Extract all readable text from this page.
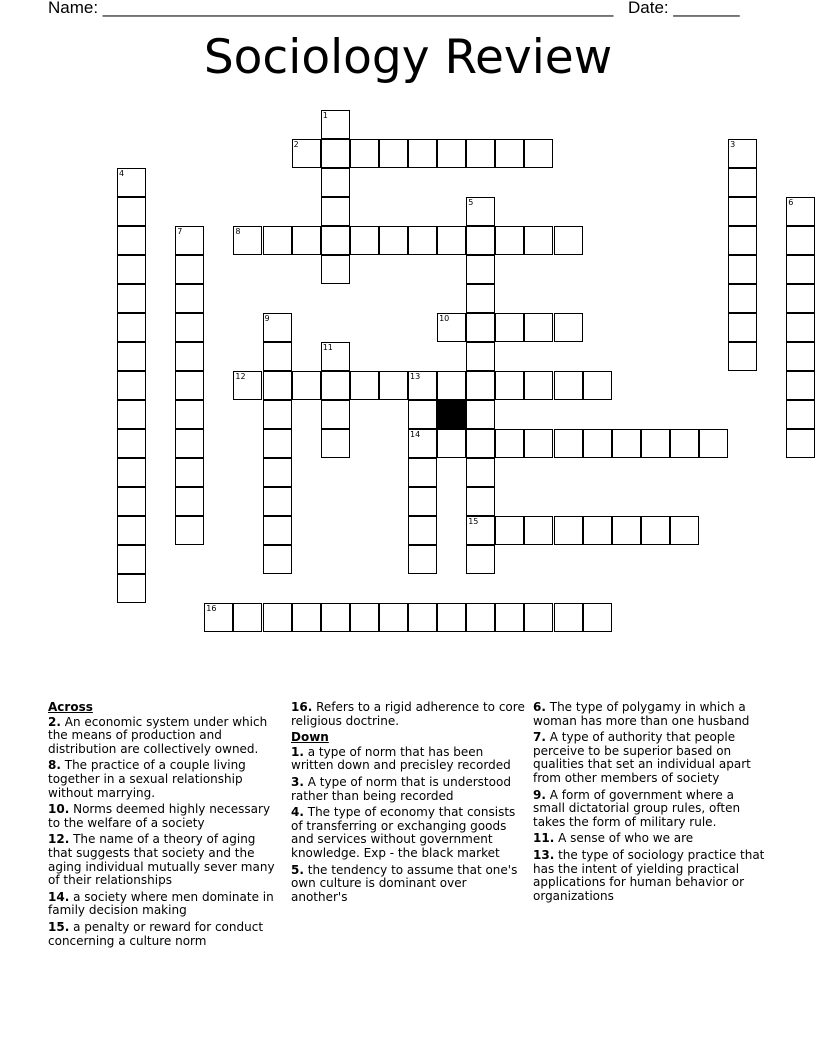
Name: ______________________________________________________ Date: _______
Sociology Review
1
2	3
4
5
15
6
7	8
9	10
11
12	13
14
16
Across
2. An economic system under which the means of production and distribution are collectively owned.
8. The practice of a couple living together in a sexual relationship without marrying.
10. Norms deemed highly necessary to the welfare of a society
12. The name of a theory of aging that suggests that society and the aging individual mutually sever many of their relationships
14. a society where men dominate in family decision making
15. a penalty or reward for conduct concerning a culture norm
16. Refers to a rigid adherence to core religious doctrine.
Down
1. a type of norm that has been written down and precisley recorded
3. A type of norm that is understood rather than being recorded
4. The type of economy that consists of transferring or exchanging goods and services without government knowledge. Exp - the black market
5. the tendency to assume that one's own culture is dominant over another's
6. The type of polygamy in which a woman has more than one husband
7. A type of authority that people perceive to be superior based on qualities that set an individual apart from other members of society
9. A form of government where a small dictatorial group rules, often takes the form of military rule.
11. A sense of who we are
13. the type of sociology practice that has the intent of yielding practical applications for human behavior or organizations
